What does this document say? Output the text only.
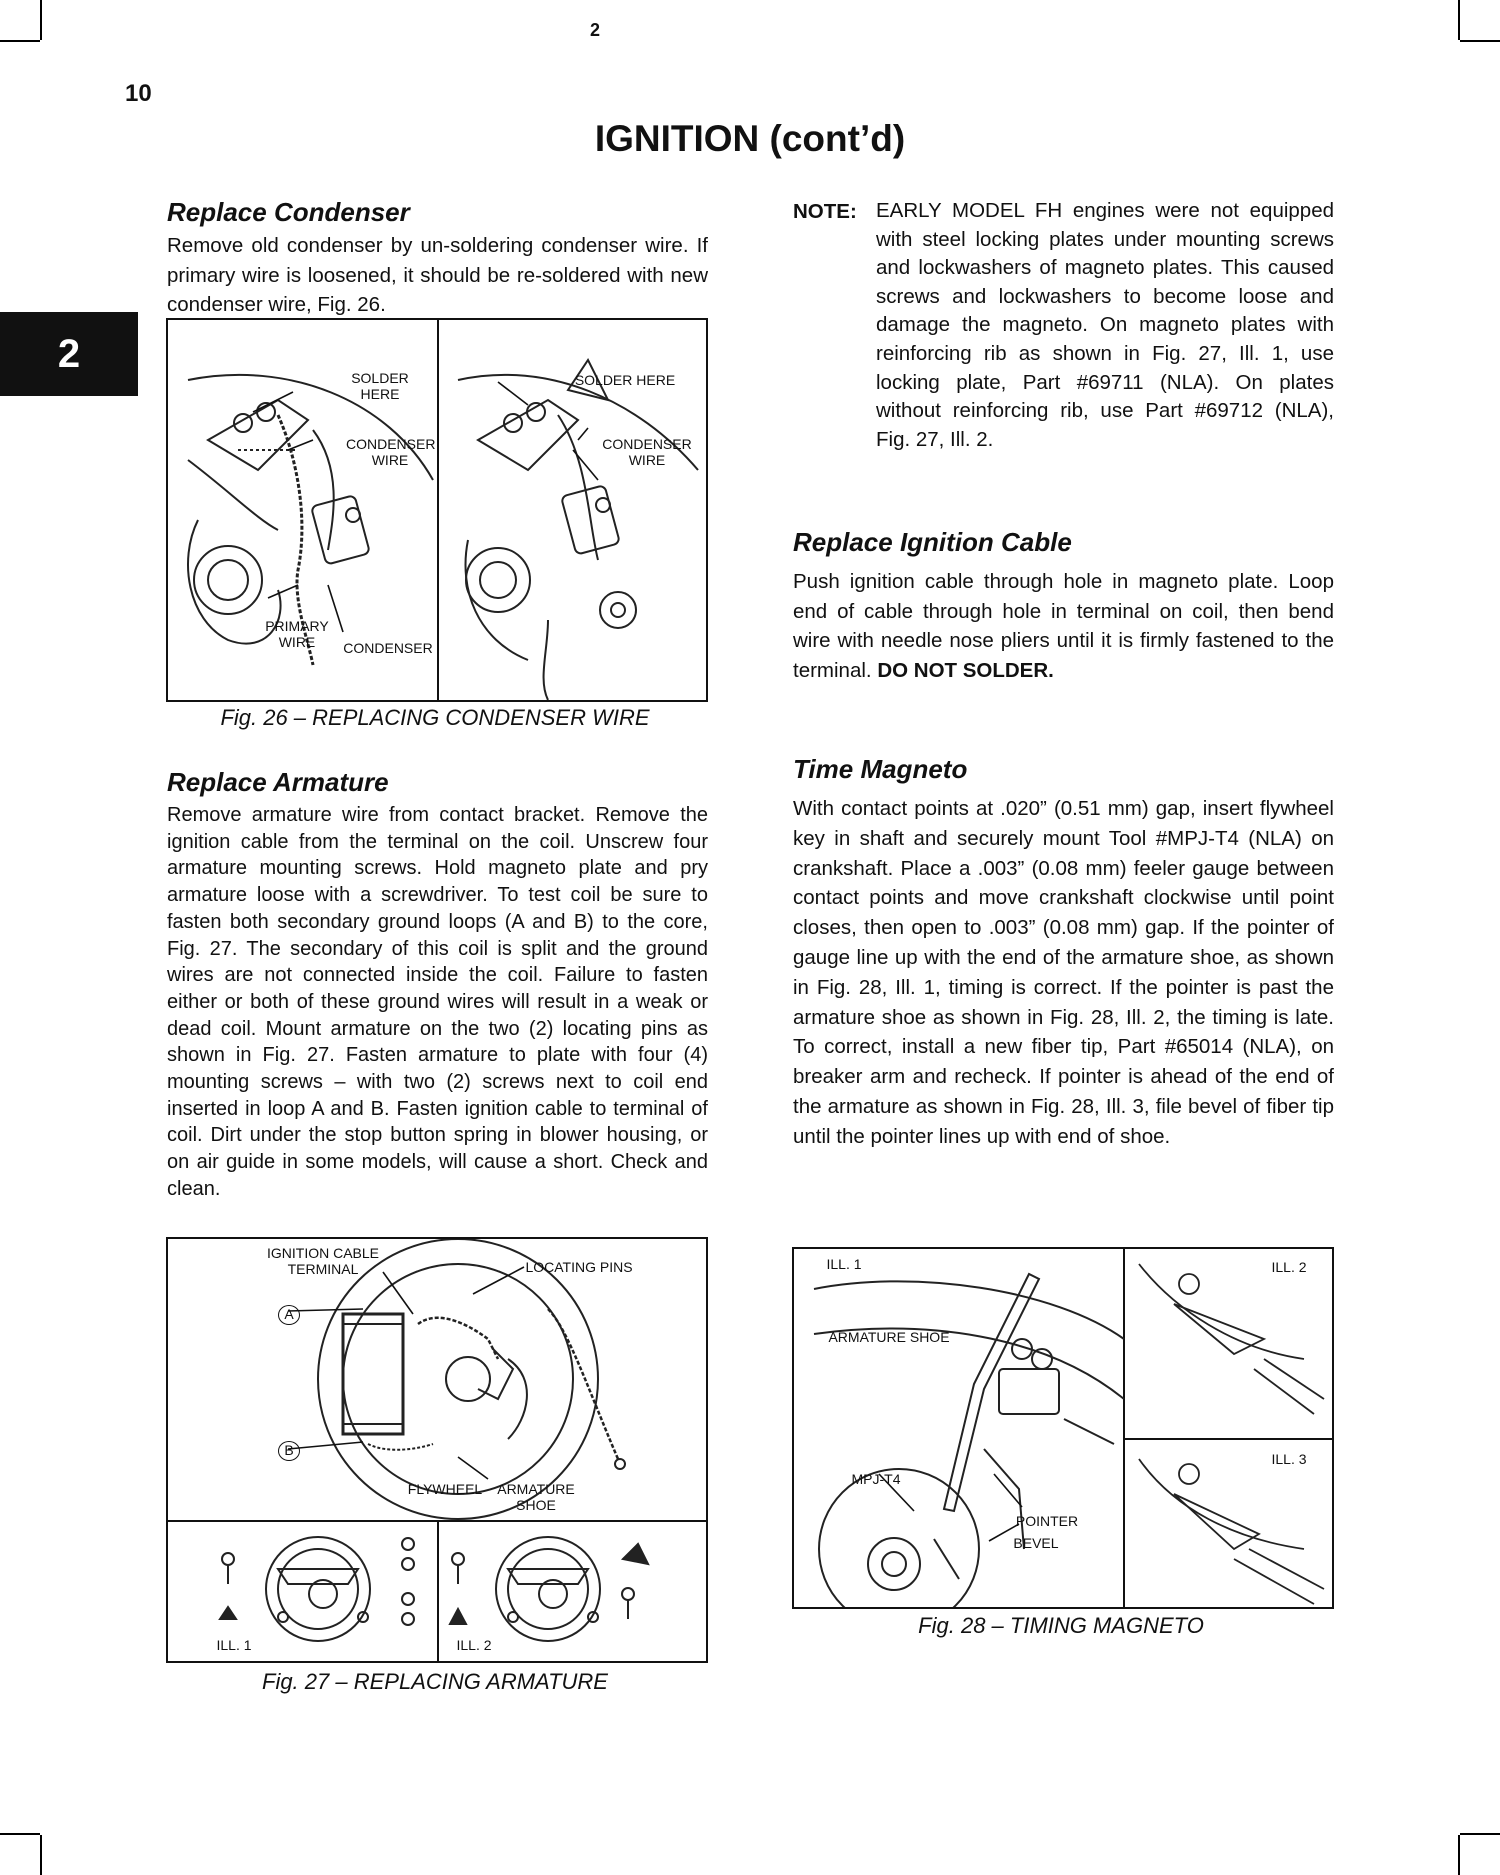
2
10
IGNITION (cont’d)
2
Replace Condenser

Remove old condenser by un-soldering condenser wire. If primary wire is loosened, it should be re-soldered with new condenser wire, Fig. 26.

SOLDER HERE
CONDENSER WIRE
PRIMARY WIRE	CONDENSER
SOLDER HERE
CONDENSER WIRE
Fig. 26 – REPLACING CONDENSER WIRE
Replace Armature

Remove armature wire from contact bracket. Remove the ignition cable from the terminal on the coil. Unscrew four armature mounting screws. Hold magneto plate and pry armature loose with a screwdriver. To test coil be sure to fasten both secondary ground loops (A and B) to the core, Fig. 27. The secondary of this coil is split and the ground wires are not connected inside the coil. Failure to fasten either or both of these ground wires will result in a weak or dead coil. Mount armature on the two (2) locating pins as shown in Fig. 27. Fasten armature to plate with four (4) mounting screws – with two (2) screws next to coil end inserted in loop A and B. Fasten ignition cable to terminal of coil. Dirt under the stop button spring in blower housing, or on air guide in some models, will cause a short. Check and clean.

IGNITION CABLE TERMINAL	LOCATING PINS
A
B
FLYWHEEL	ARMATURE SHOE
ILL. 1	ILL. 2
Fig. 27 – REPLACING ARMATURE
NOTE: EARLY MODEL FH engines were not equipped with steel locking plates under mounting screws and lockwashers of magneto plates. This caused screws and lockwashers to become loose and damage the magneto. On magneto plates with reinforcing rib as shown in Fig. 27, Ill. 1, use locking plate, Part #69711 (NLA). On plates without reinforcing rib, use Part #69712 (NLA), Fig. 27, Ill. 2.

Replace Ignition Cable

Push ignition cable through hole in magneto plate. Loop end of cable through hole in terminal on coil, then bend wire with needle nose pliers until it is firmly fastened to the terminal. DO NOT SOLDER.

Time Magneto

With contact points at .020” (0.51 mm) gap, insert flywheel key in shaft and securely mount Tool #MPJ-T4 (NLA) on crankshaft. Place a .003” (0.08 mm) feeler gauge between contact points and move crankshaft clockwise until point closes, then open to .003” (0.08 mm) gap. If the pointer of gauge line up with the end of the armature shoe, as shown in Fig. 28, Ill. 1, timing is correct. If the pointer is past the armature shoe as shown in Fig. 28, Ill. 2, the timing is late. To correct, install a new fiber tip, Part #65014 (NLA), on breaker arm and recheck. If pointer is ahead of the end of the armature as shown in Fig. 28, Ill. 3, file bevel of fiber tip until the pointer lines up with end of shoe.

ILL. 1	ILL. 2
ILL. 3
ARMATURE SHOE
MPJ-T4
POINTER
BEVEL
Fig. 28 – TIMING MAGNETO
